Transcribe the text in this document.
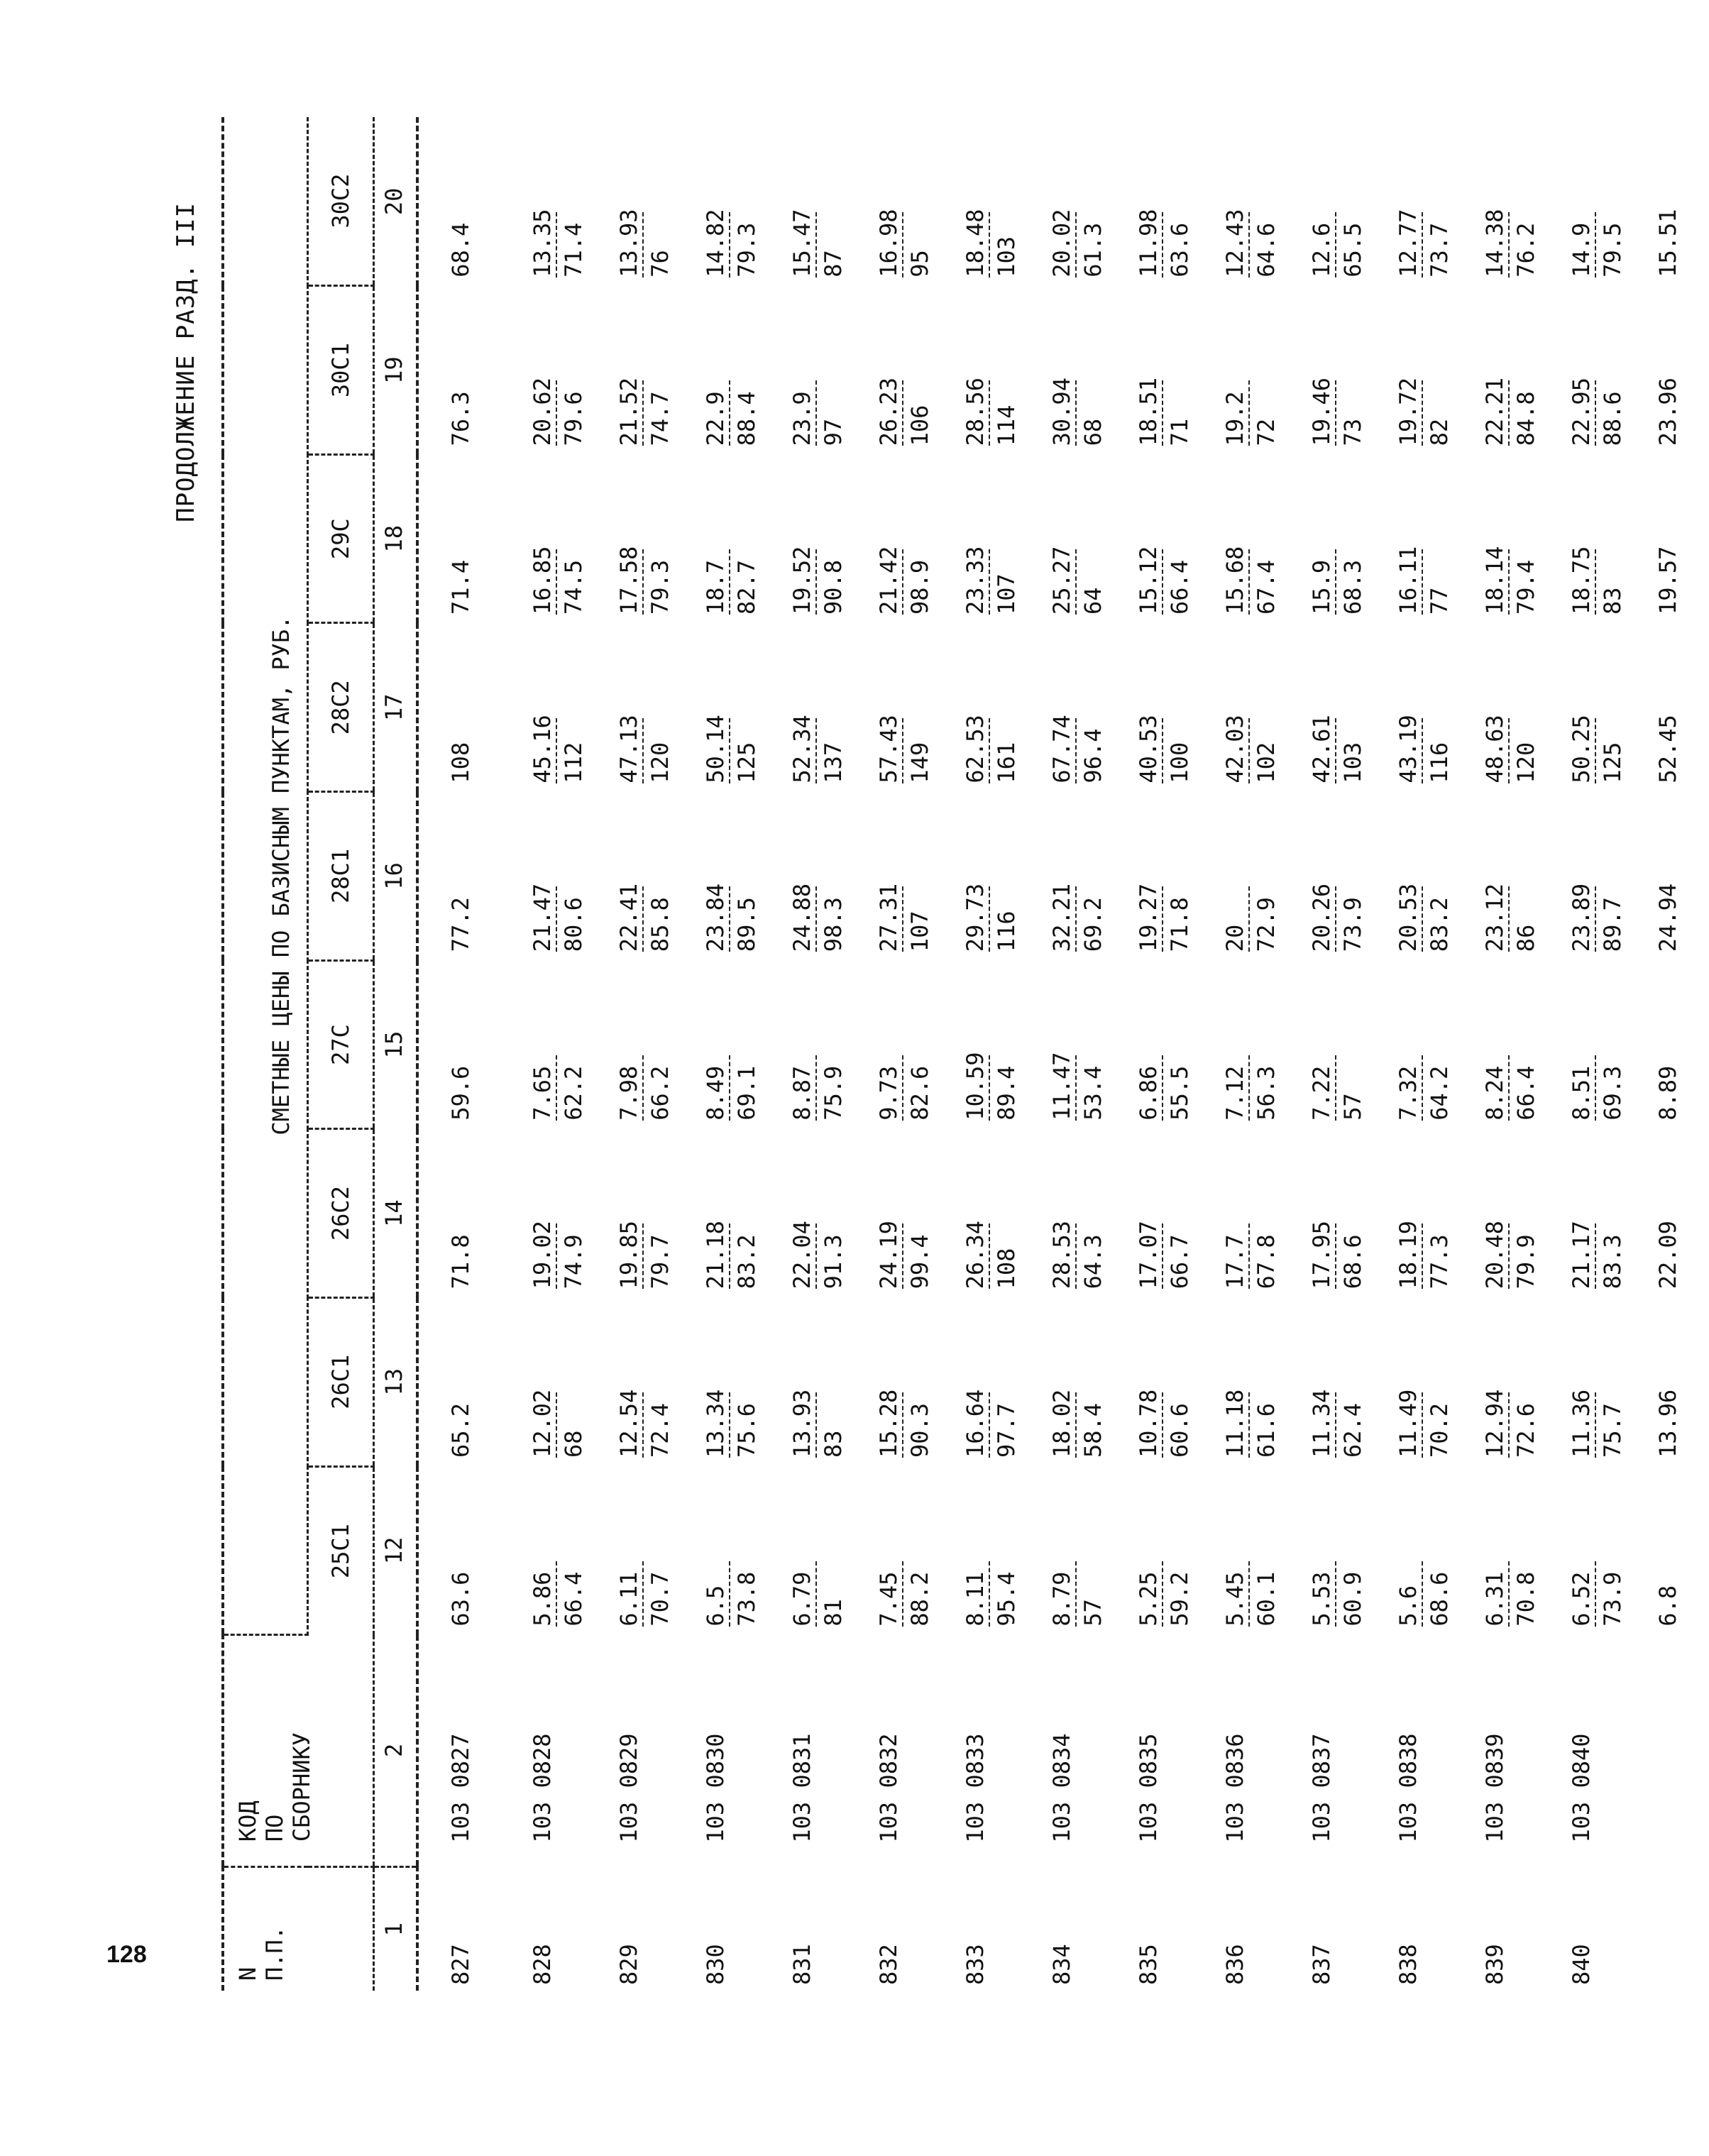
128
ПРОДОЛЖЕНИЕ РАЗД. III
N П.П.	КОД ПО СБОРНИКУ	СМЕТНЫЕ ЦЕНЫ ПО БАЗИСНЫМ ПУНКТАМ, РУБ.								
		25С1	26С1	26С2	27С	28С1	28С2	29С	30С1	30С2
1	2	12	13	14	15	16	17	18	19	20
827	103 0827	63.6	65.2	71.8	59.6	77.2	108	71.4	76.3	68.4

828	103 0828	5.86 66.4	12.02 68	19.02 74.9	7.65 62.2	21.47 80.6	45.16 112	16.85 74.5	20.62 79.6	13.35 71.4

829	103 0829	6.11 70.7	12.54 72.4	19.85 79.7	7.98 66.2	22.41 85.8	47.13 120	17.58 79.3	21.52 74.7	13.93 76

830	103 0830	6.5 73.8	13.34 75.6	21.18 83.2	8.49 69.1	23.84 89.5	50.14 125	18.7 82.7	22.9 88.4	14.82 79.3

831	103 0831	6.79 81	13.93 83	22.04 91.3	8.87 75.9	24.88 98.3	52.34 137	19.52 90.8	23.9 97	15.47 87

832	103 0832	7.45 88.2	15.28 90.3	24.19 99.4	9.73 82.6	27.31 107	57.43 149	21.42 98.9	26.23 106	16.98 95

833	103 0833	8.11 95.4	16.64 97.7	26.34 108	10.59 89.4	29.73 116	62.53 161	23.33 107	28.56 114	18.48 103

834	103 0834	8.79 57	18.02 58.4	28.53 64.3	11.47 53.4	32.21 69.2	67.74 96.4	25.27 64	30.94 68	20.02 61.3

835	103 0835	5.25 59.2	10.78 60.6	17.07 66.7	6.86 55.5	19.27 71.8	40.53 100	15.12 66.4	18.51 71	11.98 63.6

836	103 0836	5.45 60.1	11.18 61.6	17.7 67.8	7.12 56.3	20 72.9	42.03 102	15.68 67.4	19.2 72	12.43 64.6

837	103 0837	5.53 60.9	11.34 62.4	17.95 68.6	7.22 57	20.26 73.9	42.61 103	15.9 68.3	19.46 73	12.6 65.5

838	103 0838	5.6 68.6	11.49 70.2	18.19 77.3	7.32 64.2	20.53 83.2	43.19 116	16.11 77	19.72 82	12.77 73.7

839	103 0839	6.31 70.8	12.94 72.6	20.48 79.9	8.24 66.4	23.12 86	48.63 120	18.14 79.4	22.21 84.8	14.38 76.2

840	103 0840	6.52 73.9	11.36 75.7	21.17 83.3	8.51 69.3	23.89 89.7	50.25 125	18.75 83	22.95 88.6	14.9 79.5

		6.8	13.96	22.09	8.89	24.94	52.45	19.57	23.96	15.51
